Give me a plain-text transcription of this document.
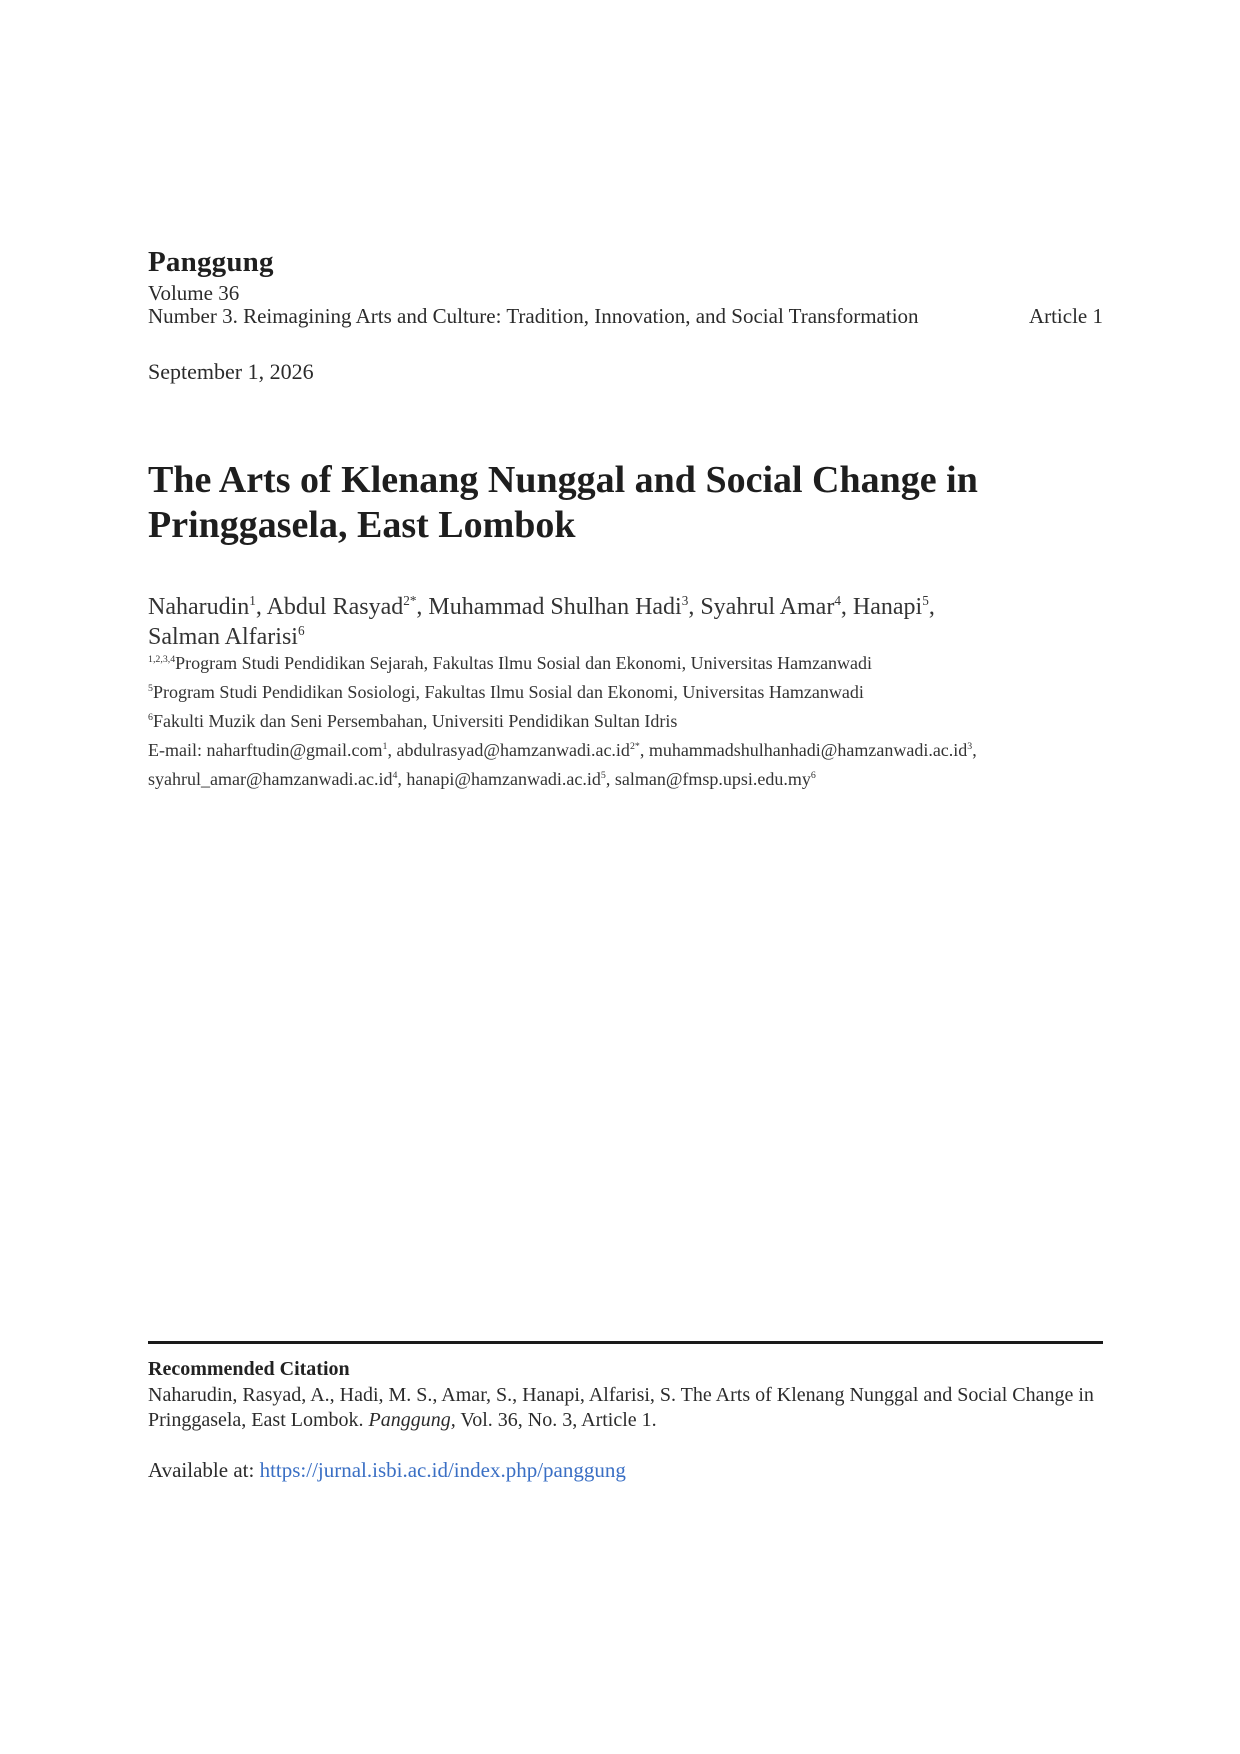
Panggung
Volume 36
Number 3. Reimagining Arts and Culture: Tradition, Innovation, and Social Transformation	Article 1
September 1, 2026
The Arts of Klenang Nunggal and Social Change in Pringgasela, East Lombok
Naharudin$^1$, Abdul Rasyad$^{2*}$, Muhammad Shulhan Hadi$^3$, Syahrul Amar$^4$, Hanapi$^5$,
Salman Alfarisi$^6$
$^{1,2,3,4}$Program Studi Pendidikan Sejarah, Fakultas Ilmu Sosial dan Ekonomi, Universitas Hamzanwadi
$^5$Program Studi Pendidikan Sosiologi, Fakultas Ilmu Sosial dan Ekonomi, Universitas Hamzanwadi
$^6$Fakulti Muzik dan Seni Persembahan, Universiti Pendidikan Sultan Idris
E-mail: naharftudin@gmail.com$^1$, $abdulrasyad@hamzanwadi.ac.id^{2*}$, $muhammadshulhanhadi@hamzanwadi.ac.id^3$,
$syahrul\_amar@hamzanwadi.ac.id^4$, $hanapi@hamzanwadi.ac.id^5$, $salman@fmsp.upsi.edu.my^6$
Recommended Citation
Naharudin, Rasyad, A., Hadi, M. S., Amar, S., Hanapi, Alfarisi, S. The Arts of Klenang Nunggal and Social Change in Pringgasela, East Lombok. Panggung, Vol. 36, No. 3, Article 1.
Available at: https://jurnal.isbi.ac.id/index.php/panggung
